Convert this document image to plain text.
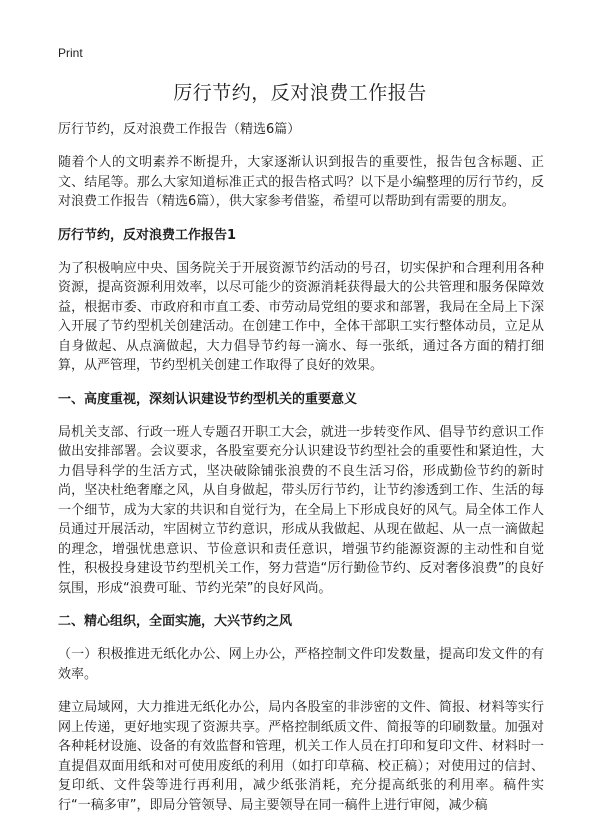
Print
厉行节约，反对浪费工作报告
厉行节约，反对浪费工作报告（精选6篇）

随着个人的文明素养不断提升，大家逐渐认识到报告的重要性，报告包含标题、正文、结尾等。那么大家知道标准正式的报告格式吗？以下是小编整理的厉行节约，反对浪费工作报告（精选6篇），供大家参考借鉴，希望可以帮助到有需要的朋友。

厉行节约，反对浪费工作报告1

为了积极响应中央、国务院关于开展资源节约活动的号召，切实保护和合理利用各种资源，提高资源利用效率，以尽可能少的资源消耗获得最大的公共管理和服务保障效益，根据市委、市政府和市直工委、市劳动局党组的要求和部署，我局在全局上下深入开展了节约型机关创建活动。在创建工作中，全体干部职工实行整体动员，立足从自身做起、从点滴做起，大力倡导节约每一滴水、每一张纸，通过各方面的精打细算，从严管理，节约型机关创建工作取得了良好的效果。

一、高度重视，深刻认识建设节约型机关的重要意义

局机关支部、行政一班人专题召开职工大会，就进一步转变作风、倡导节约意识工作做出安排部署。会议要求，各股室要充分认识建设节约型社会的重要性和紧迫性，大力倡导科学的生活方式，坚决破除铺张浪费的不良生活习俗，形成勤俭节约的新时尚，坚决杜绝奢靡之风，从自身做起，带头厉行节约，让节约渗透到工作、生活的每一个细节，成为大家的共识和自觉行为，在全局上下形成良好的风气。局全体工作人员通过开展活动，牢固树立节约意识，形成从我做起、从现在做起、从一点一滴做起的理念，增强忧患意识、节俭意识和责任意识，增强节约能源资源的主动性和自觉性，积极投身建设节约型机关工作，努力营造“厉行勤俭节约、反对奢侈浪费”的良好氛围，形成“浪费可耻、节约光荣”的良好风尚。

二、精心组织，全面实施，大兴节约之风

（一）积极推进无纸化办公、网上办公，严格控制文件印发数量，提高印发文件的有效率。

建立局域网，大力推进无纸化办公，局内各股室的非涉密的文件、简报、材料等实行网上传递，更好地实现了资源共享。严格控制纸质文件、简报等的印刷数量。加强对各种耗材设施、设备的有效监督和管理，机关工作人员在打印和复印文件、材料时一直提倡双面用纸和对可使用废纸的利用（如打印草稿、校正稿）；对使用过的信封、复印纸、文件袋等进行再利用，减少纸张消耗，充分提高纸张的利用率。稿件实行“一稿多审”，即局分管领导、局主要领导在同一稿件上进行审阅，减少稿
